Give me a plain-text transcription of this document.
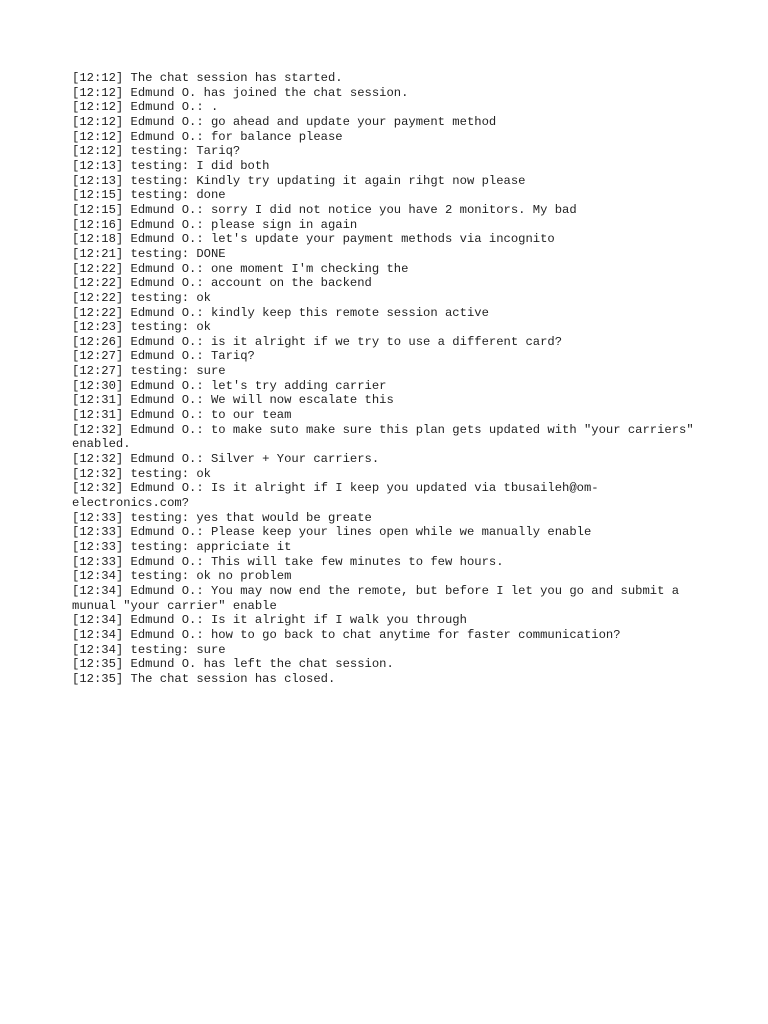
[12:12] The chat session has started.
[12:12] Edmund O. has joined the chat session.
[12:12] Edmund O.: .
[12:12] Edmund O.: go ahead and update your payment method
[12:12] Edmund O.: for balance please
[12:12] testing: Tariq?
[12:13] testing: I did both
[12:13] testing: Kindly try updating it again rihgt now please
[12:15] testing: done
[12:15] Edmund O.: sorry I did not notice you have 2 monitors. My bad
[12:16] Edmund O.: please sign in again
[12:18] Edmund O.: let's update your payment methods via incognito
[12:21] testing: DONE
[12:22] Edmund O.: one moment I'm checking the
[12:22] Edmund O.: account on the backend
[12:22] testing: ok
[12:22] Edmund O.: kindly keep this remote session active
[12:23] testing: ok
[12:26] Edmund O.: is it alright if we try to use a different card?
[12:27] Edmund O.: Tariq?
[12:27] testing: sure
[12:30] Edmund O.: let's try adding carrier
[12:31] Edmund O.: We will now escalate this
[12:31] Edmund O.: to our team
[12:32] Edmund O.: to make suto make sure this plan gets updated with "your carriers" enabled.
[12:32] Edmund O.: Silver + Your carriers.
[12:32] testing: ok
[12:32] Edmund O.: Is it alright if I keep you updated via tbusaileh@om-electronics.com?
[12:33] testing: yes that would be greate
[12:33] Edmund O.: Please keep your lines open while we manually enable
[12:33] testing: appriciate it
[12:33] Edmund O.: This will take few minutes to few hours.
[12:34] testing: ok no problem
[12:34] Edmund O.: You may now end the remote, but before I let you go and submit a munual "your carrier" enable
[12:34] Edmund O.: Is it alright if I walk you through
[12:34] Edmund O.: how to go back to chat anytime for faster communication?
[12:34] testing: sure
[12:35] Edmund O. has left the chat session.
[12:35] The chat session has closed.
